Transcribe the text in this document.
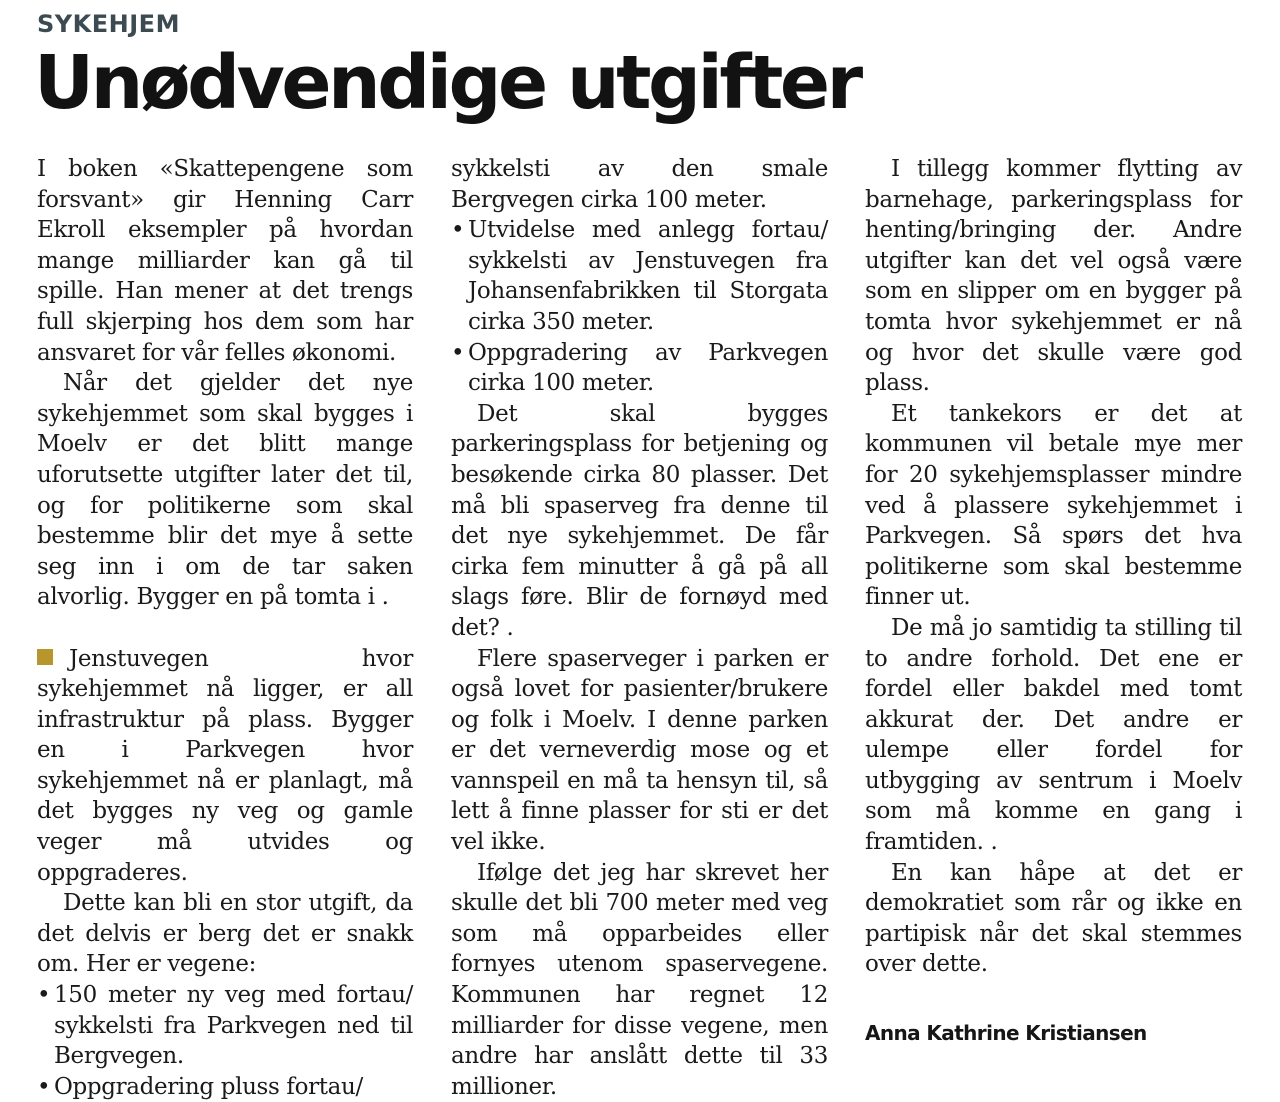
SYKEHJEM
Unødvendige utgifter

I boken «Skattepengene som forsvant» gir Henning Carr Ekroll eksempler på hvordan mange milliarder kan gå til spille. Han mener at det trengs full skjerping hos dem som har ansvaret for vår felles økonomi.

Når det gjelder det nye sykehjemmet som skal bygges i Moelv er det blitt mange uforutsette utgifter later det til, og for politikerne som skal bestemme blir det mye å sette seg inn i om de tar saken alvorlig. Bygger en på tomta i .

Jenstuvegen hvor sykehjemmet nå ligger, er all infrastruktur på plass. Bygger en i Parkvegen hvor sykehjemmet nå er planlagt, må det bygges ny veg og gamle veger må utvides og oppgraderes.

Dette kan bli en stor utgift, da det delvis er berg det er snakk om. Her er vegene:

• 150 meter ny veg med fortau/ sykkelsti fra Parkvegen ned til Bergvegen.

• Oppgradering pluss fortau/

sykkelsti av den smale Bergvegen cirka 100 meter.

• Utvidelse med anlegg fortau/ sykkelsti av Jenstuvegen fra Johansenfabrikken til Storgata cirka 350 meter.

• Oppgradering av Parkvegen cirka 100 meter.

Det skal bygges parkeringsplass for betjening og besøkende cirka 80 plasser. Det må bli spaserveg fra denne til det nye sykehjemmet. De får cirka fem minutter å gå på all slags føre. Blir de fornøyd med det? .

Flere spaserveger i parken er også lovet for pasienter/brukere og folk i Moelv. I denne parken er det verneverdig mose og et vannspeil en må ta hensyn til, så lett å finne plasser for sti er det vel ikke.

Ifølge det jeg har skrevet her skulle det bli 700 meter med veg som må opparbeides eller fornyes utenom spaservegene. Kommunen har regnet 12 milliarder for disse vegene, men andre har anslått dette til 33 millioner.

I tillegg kommer flytting av barnehage, parkeringsplass for henting/bringing der. Andre utgifter kan det vel også være som en slipper om en bygger på tomta hvor sykehjemmet er nå og hvor det skulle være god plass.

Et tankekors er det at kommunen vil betale mye mer for 20 sykehjemsplasser mindre ved å plassere sykehjemmet i Parkvegen. Så spørs det hva politikerne som skal bestemme finner ut.

De må jo samtidig ta stilling til to andre forhold. Det ene er fordel eller bakdel med tomt akkurat der. Det andre er ulempe eller fordel for utbygging av sentrum i Moelv som må komme en gang i framtiden. .

En kan håpe at det er demokratiet som rår og ikke en partipisk når det skal stemmes over dette.

Anna Kathrine Kristiansen
